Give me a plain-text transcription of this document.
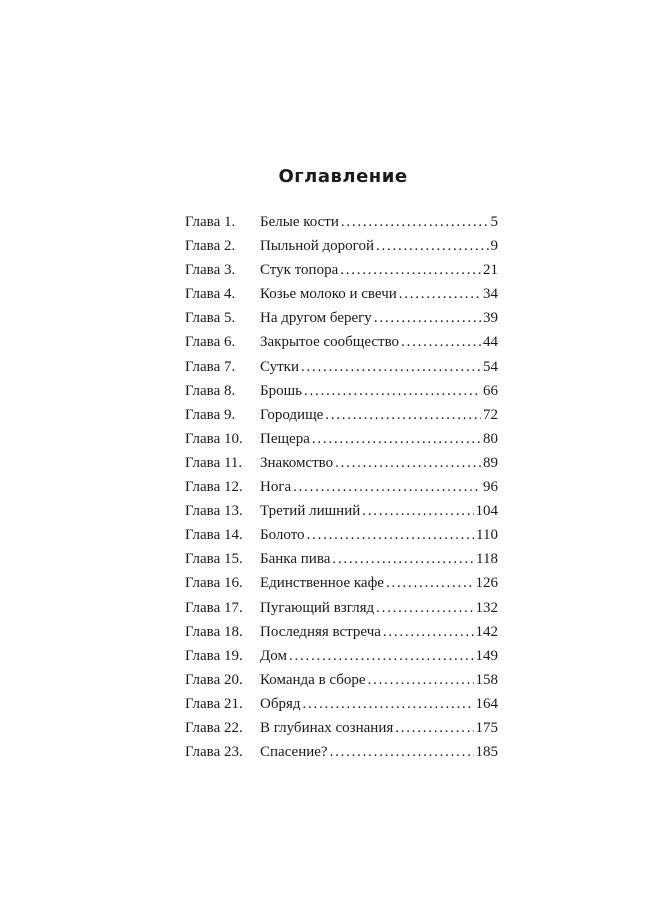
Оглавление
Глава 1.	Белые кости . . .	5
Глава 2.	Пыльной дорогой . . .	9
Глава 3.	Стук топора . . .	21
Глава 4.	Козье молоко и свечи . . .	34
Глава 5.	На другом берегу . . .	39
Глава 6.	Закрытое сообщество . . .	44
Глава 7.	Сутки . . .	54
Глава 8.	Брошь . . .	66
Глава 9.	Городище . . .	72
Глава 10.	Пещера . . .	80
Глава 11.	Знакомство . . .	89
Глава 12.	Нога . . .	96
Глава 13.	Третий лишний . . .	104
Глава 14.	Болото . . .	110
Глава 15.	Банка пива . . .	118
Глава 16.	Единственное кафе . . .	126
Глава 17.	Пугающий взгляд . . .	132
Глава 18.	Последняя встреча . . .	142
Глава 19.	Дом . . .	149
Глава 20.	Команда в сборе . . .	158
Глава 21.	Обряд . . .	164
Глава 22.	В глубинах сознания . . .	175
Глава 23.	Спасение? . . .	185
